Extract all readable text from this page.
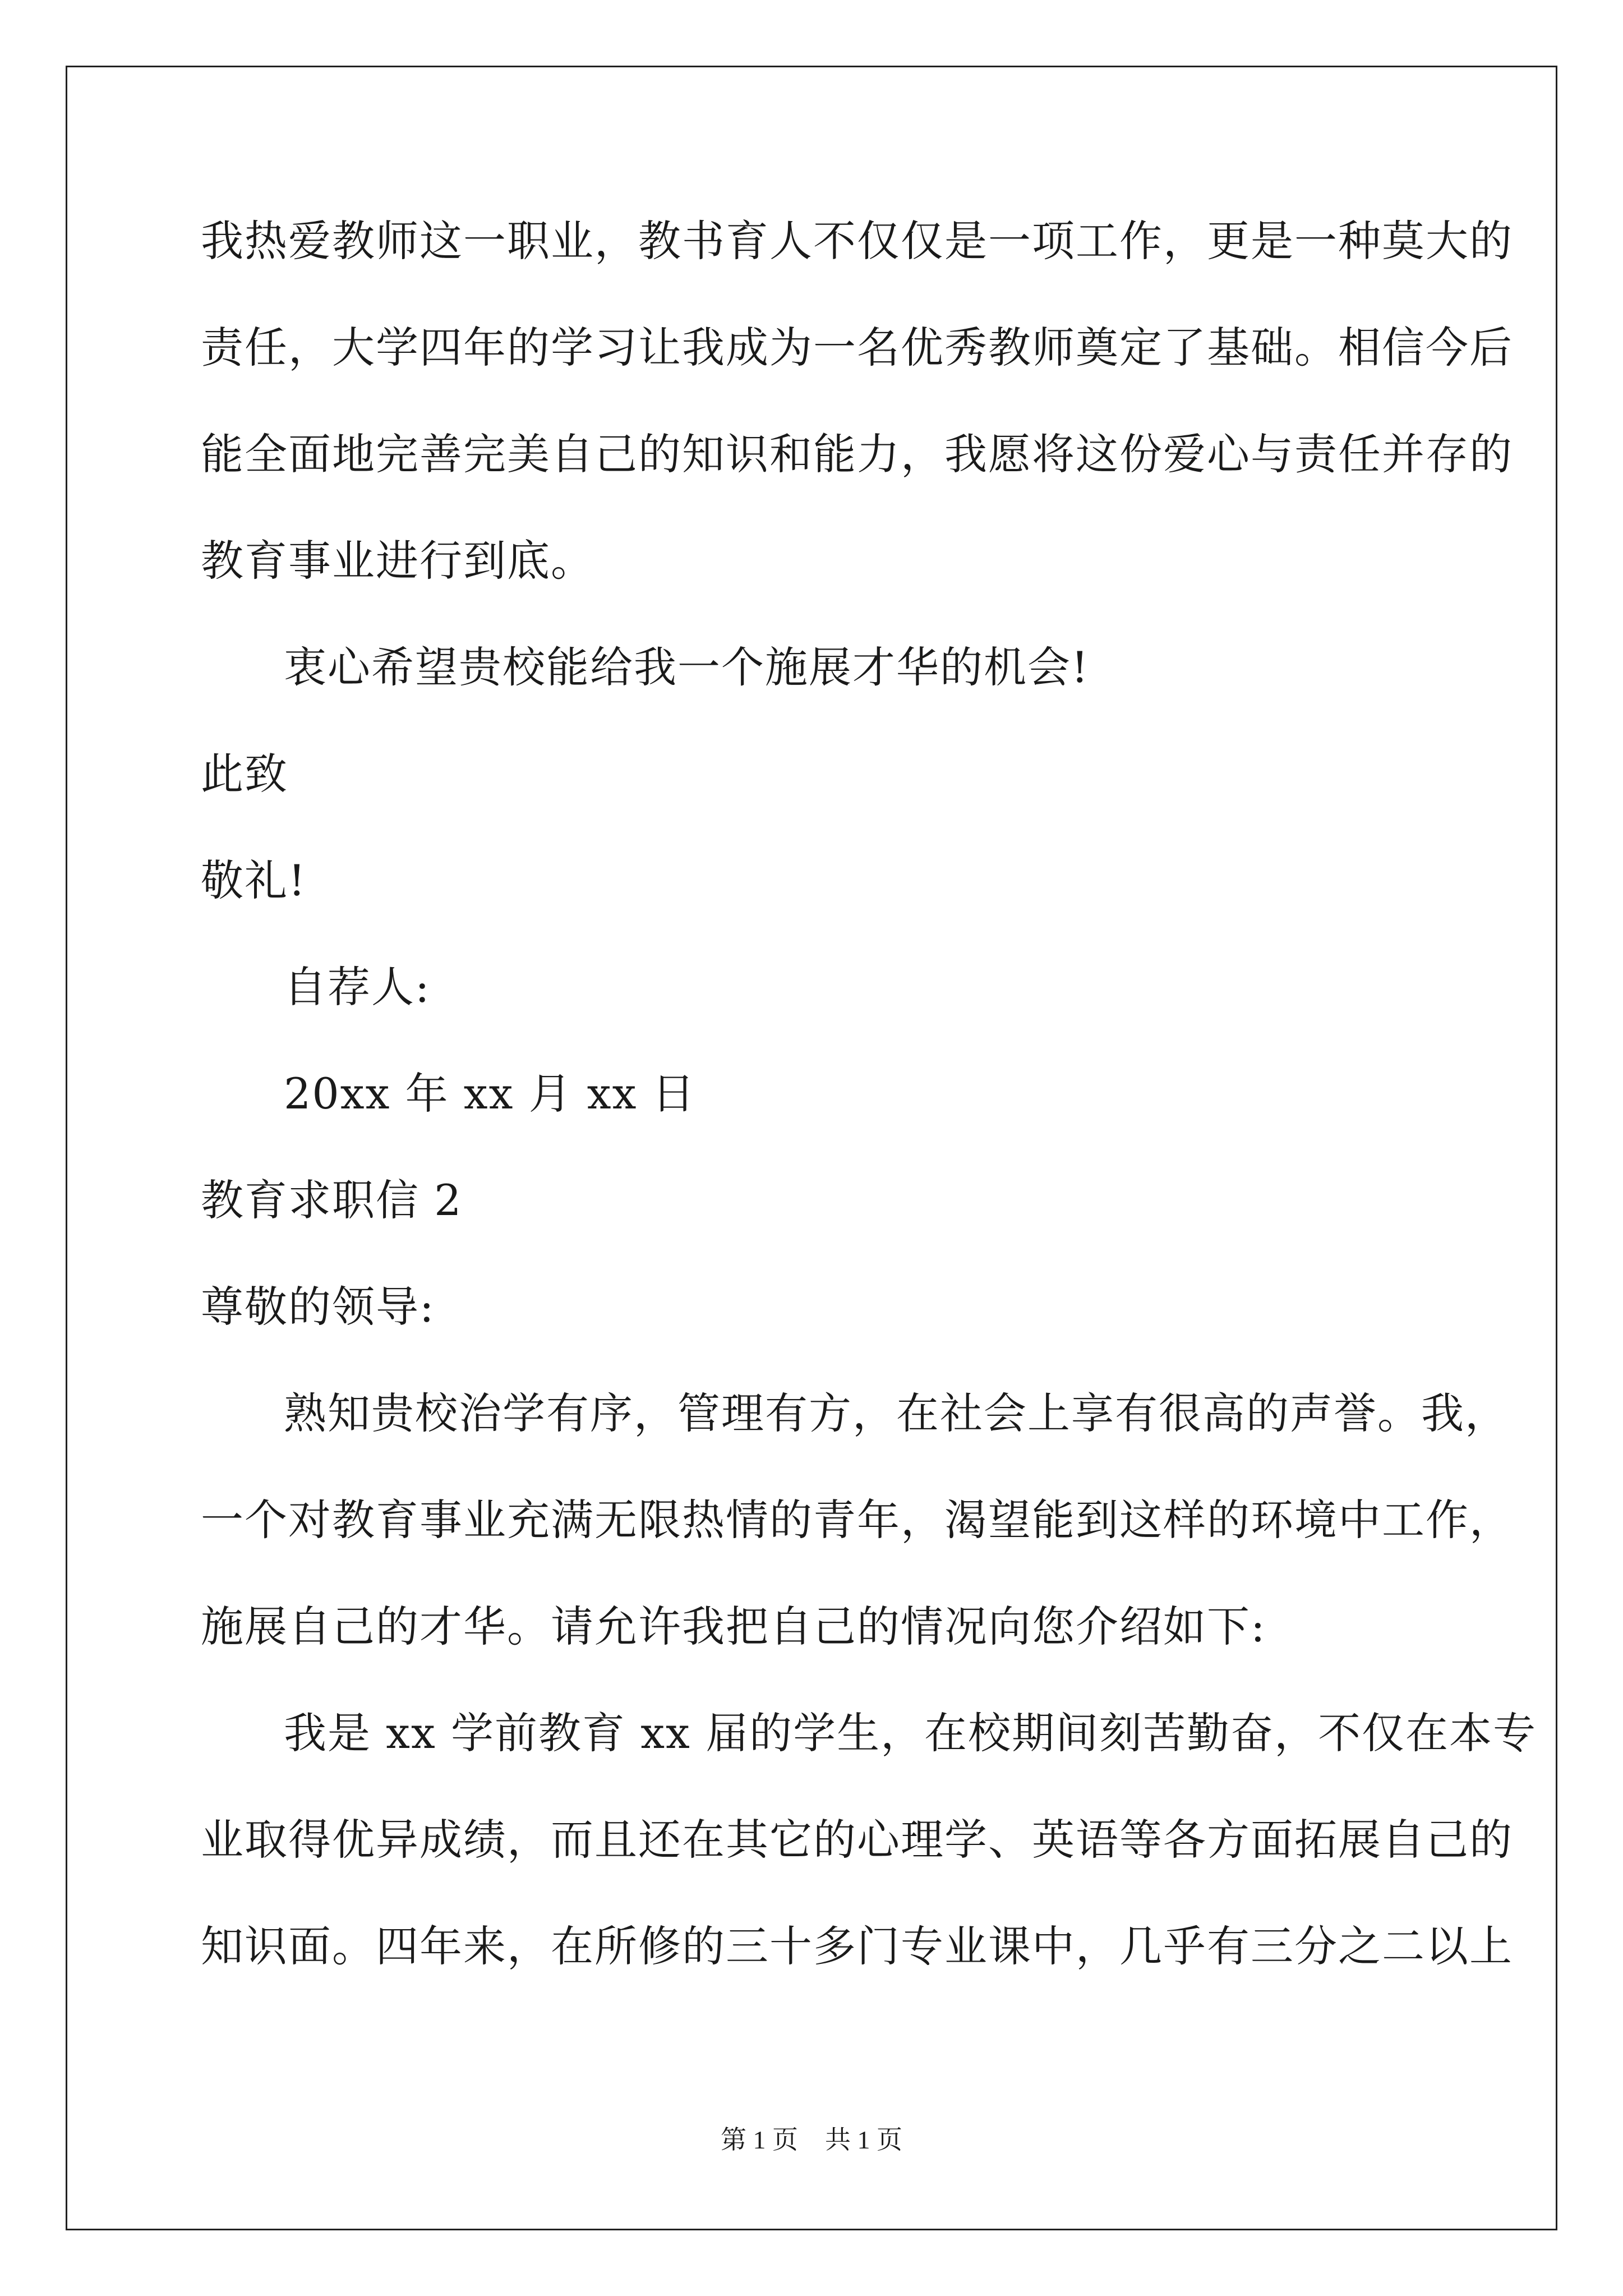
我热爱教师这一职业，教书育人不仅仅是一项工作，更是一种莫大的
责任，大学四年的学习让我成为一名优秀教师奠定了基础。相信今后
能全面地完善完美自己的知识和能力，我愿将这份爱心与责任并存的
教育事业进行到底。
衷心希望贵校能给我一个施展才华的机会!
此致
敬礼!
自荐人:
20xx 年 xx 月 xx 日
教育求职信 2
尊敬的领导:
熟知贵校治学有序，管理有方，在社会上享有很高的声誉。我，
一个对教育事业充满无限热情的青年，渴望能到这样的环境中工作，
施展自己的才华。请允许我把自己的情况向您介绍如下:
我是 xx 学前教育 xx 届的学生，在校期间刻苦勤奋，不仅在本专
业取得优异成绩，而且还在其它的心理学、英语等各方面拓展自己的
知识面。四年来，在所修的三十多门专业课中，几乎有三分之二以上
第 1 页 共 1 页
